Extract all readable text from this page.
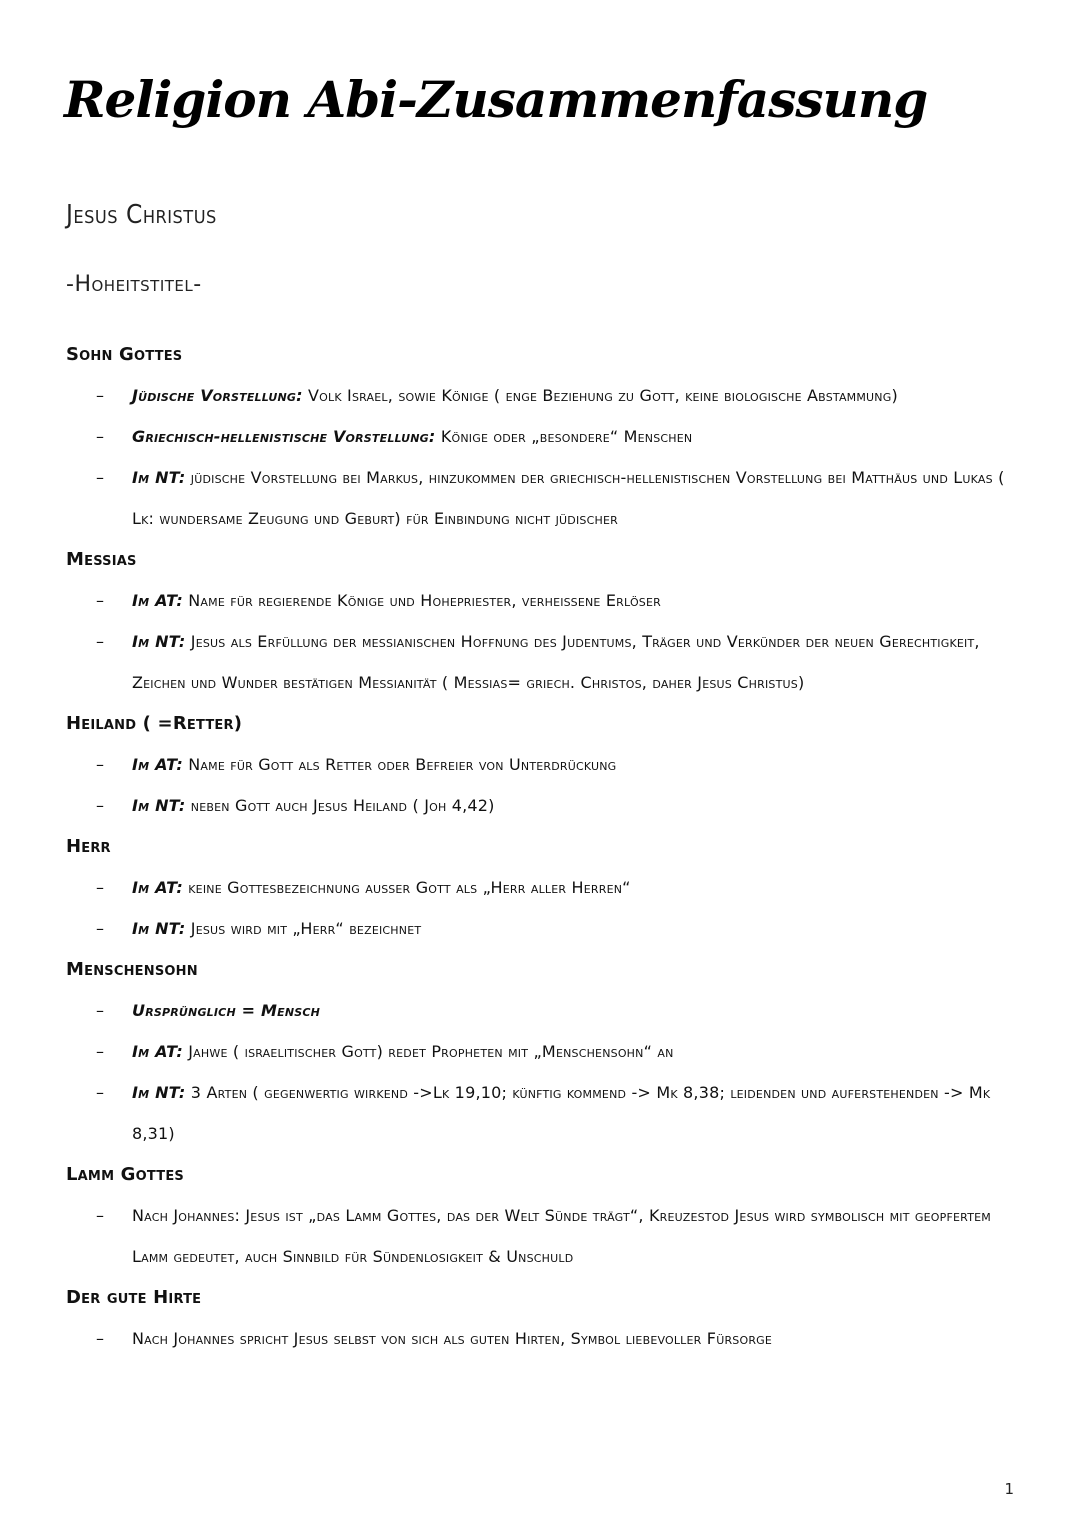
Religion Abi-Zusammenfassung
Jesus Christus
-Hoheitstitel-
Sohn Gottes
– Jüdische Vorstellung: Volk Israel, sowie Könige ( enge Beziehung zu Gott, keine biologische Abstammung)
– Griechisch-hellenistische Vorstellung: Könige oder „besondere“ Menschen
– Im NT: jüdische Vorstellung bei Markus, hinzukommen der griechisch-hellenistischen Vorstellung bei Matthäus und Lukas ( Lk: wundersame Zeugung und Geburt) für Einbindung nicht jüdischer
Messias
– Im AT: Name für regierende Könige und Hohepriester, verheißene Erlöser
– Im NT: Jesus als Erfüllung der messianischen Hoffnung des Judentums, Träger und Verkünder der neuen Gerechtigkeit, Zeichen und Wunder bestätigen Messianität ( Messias= griech. Christos, daher Jesus Christus)
Heiland ( =Retter)
– Im AT: Name für Gott als Retter oder Befreier von Unterdrückung
– Im NT: neben Gott auch Jesus Heiland ( Joh 4,42)
Herr
– Im AT: keine Gottesbezeichnung außer Gott als „Herr aller Herren“
– Im NT: Jesus wird mit „Herr“ bezeichnet
Menschensohn
– Ursprünglich = Mensch
– Im AT: Jahwe ( israelitischer Gott) redet Propheten mit „Menschensohn“ an
– Im NT: 3 Arten ( gegenwertig wirkend ->Lk 19,10; künftig kommend -> Mk 8,38; leidenden und auferstehenden -> Mk 8,31)
Lamm Gottes
– Nach Johannes: Jesus ist „das Lamm Gottes, das der Welt Sünde trägt“, Kreuzestod Jesus wird symbolisch mit geopfertem Lamm gedeutet, auch Sinnbild für Sündenlosigkeit & Unschuld
Der gute Hirte
– Nach Johannes spricht Jesus selbst von sich als guten Hirten, Symbol liebevoller Fürsorge
1
